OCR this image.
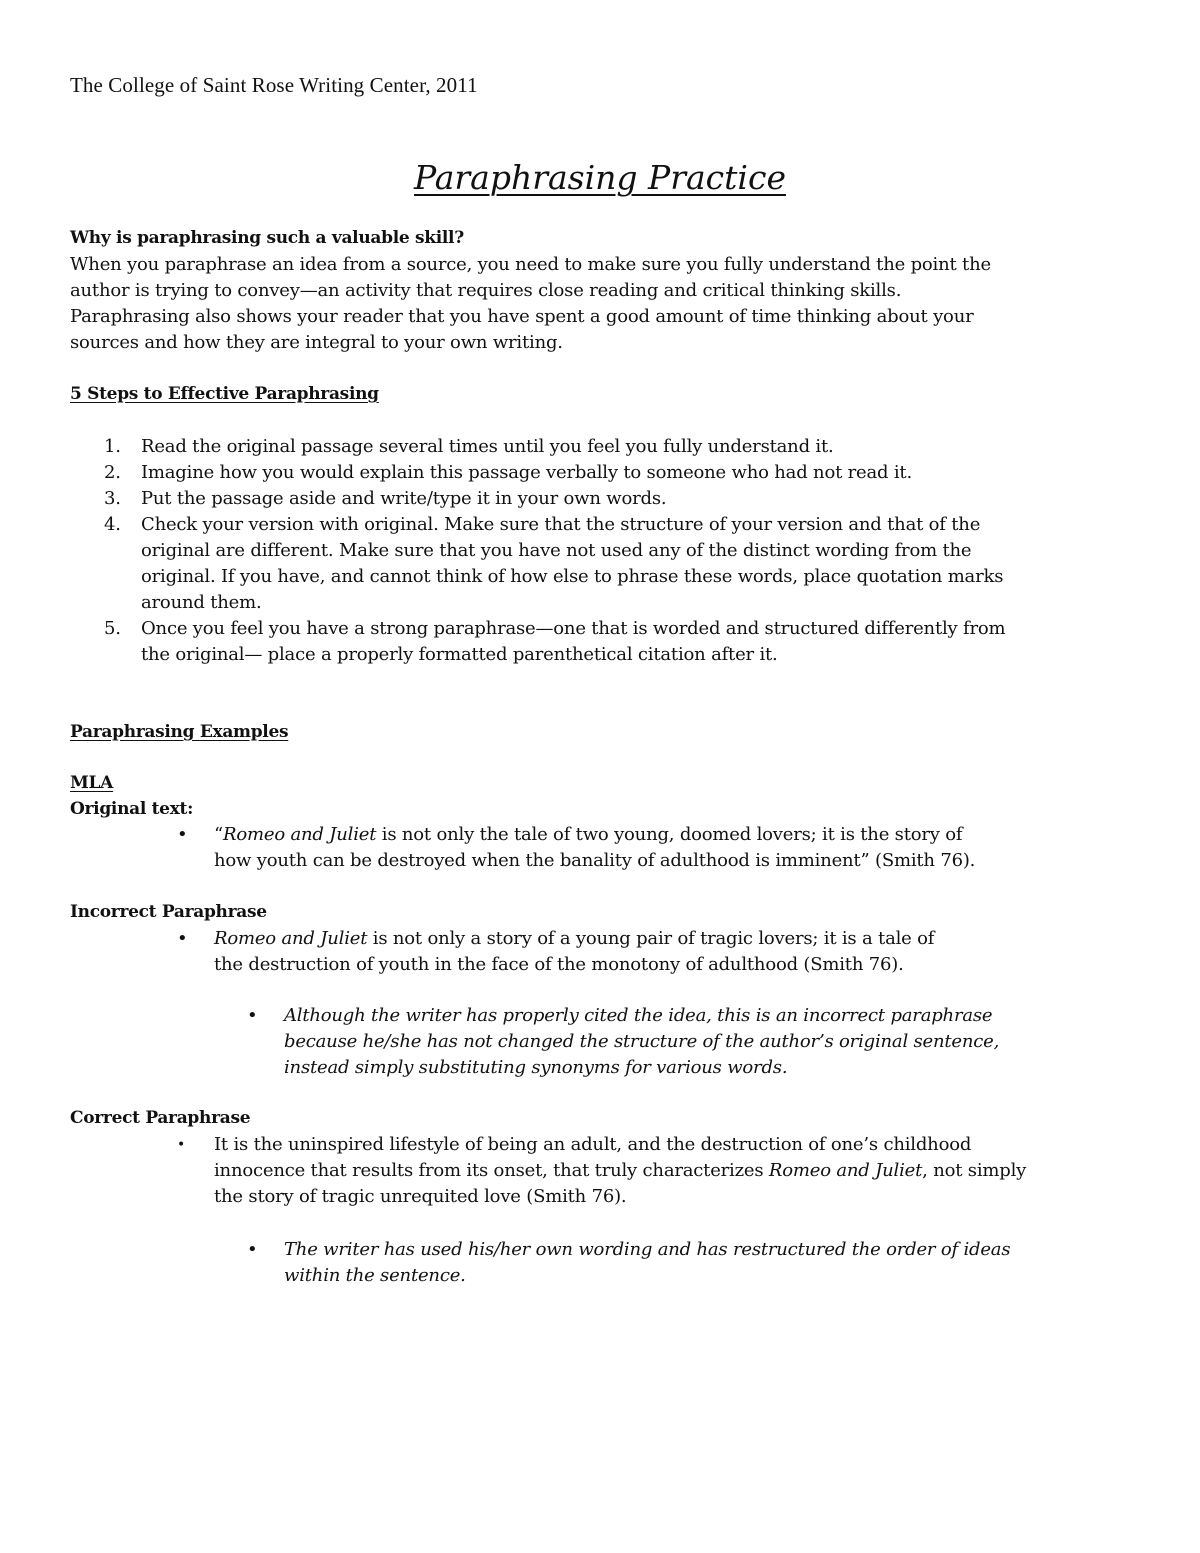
The College of Saint Rose Writing Center, 2011
Paraphrasing Practice
Why is paraphrasing such a valuable skill?
When you paraphrase an idea from a source, you need to make sure you fully understand the point the
author is trying to convey—an activity that requires close reading and critical thinking skills.
Paraphrasing also shows your reader that you have spent a good amount of time thinking about your
sources and how they are integral to your own writing.
5 Steps to Effective Paraphrasing
1. Read the original passage several times until you feel you fully understand it.
2. Imagine how you would explain this passage verbally to someone who had not read it.
3. Put the passage aside and write/type it in your own words.
4. Check your version with original. Make sure that the structure of your version and that of the
original are different. Make sure that you have not used any of the distinct wording from the
original. If you have, and cannot think of how else to phrase these words, place quotation marks
around them.
5. Once you feel you have a strong paraphrase—one that is worded and structured differently from
the original— place a properly formatted parenthetical citation after it.
Paraphrasing Examples
MLA
Original text:
• “Romeo and Juliet is not only the tale of two young, doomed lovers; it is the story of
how youth can be destroyed when the banality of adulthood is imminent” (Smith 76).
Incorrect Paraphrase
• Romeo and Juliet is not only a story of a young pair of tragic lovers; it is a tale of
the destruction of youth in the face of the monotony of adulthood (Smith 76).
• Although the writer has properly cited the idea, this is an incorrect paraphrase
because he/she has not changed the structure of the author’s original sentence,
instead simply substituting synonyms for various words.
Correct Paraphrase
• It is the uninspired lifestyle of being an adult, and the destruction of one’s childhood
innocence that results from its onset, that truly characterizes Romeo and Juliet, not simply
the story of tragic unrequited love (Smith 76).
• The writer has used his/her own wording and has restructured the order of ideas
within the sentence.
